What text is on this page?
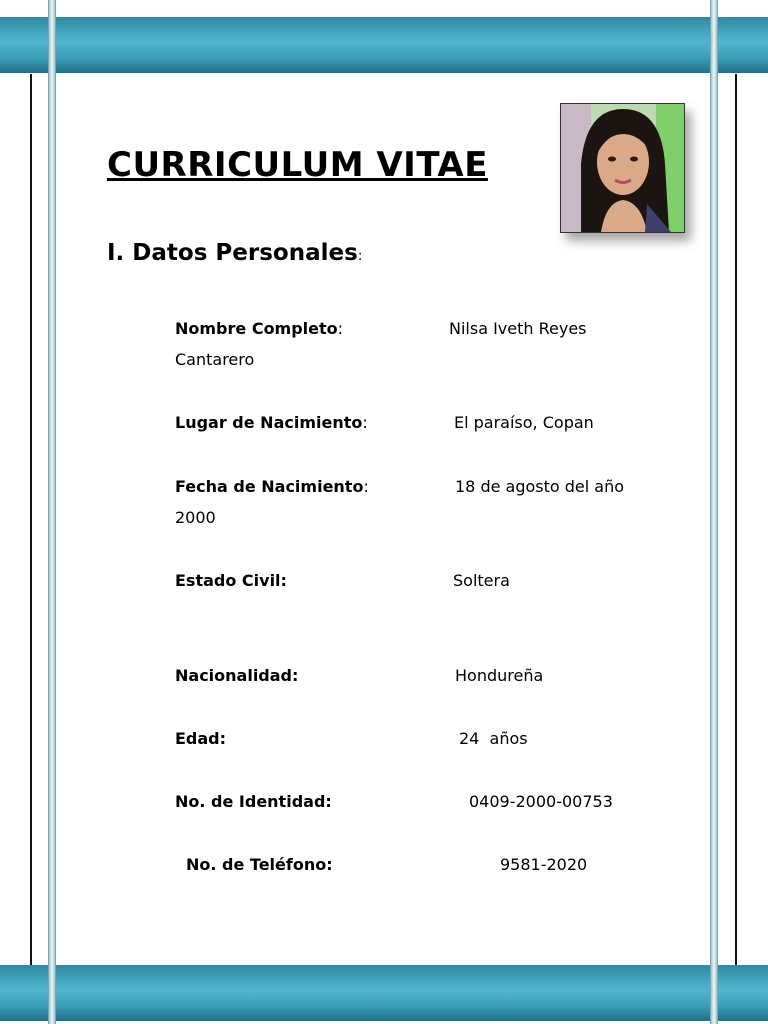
CURRICULUM VITAE
I. Datos Personales:
Nombre Completo:	Nilsa Iveth Reyes
Cantarero
Lugar de Nacimiento:	El paraíso, Copan
Fecha de Nacimiento:	18 de agosto del año
2000
Estado Civil:	Soltera
Nacionalidad:	Hondureña
Edad:	24  años
No. de Identidad:	0409-2000-00753
No. de Teléfono:	9581-2020
